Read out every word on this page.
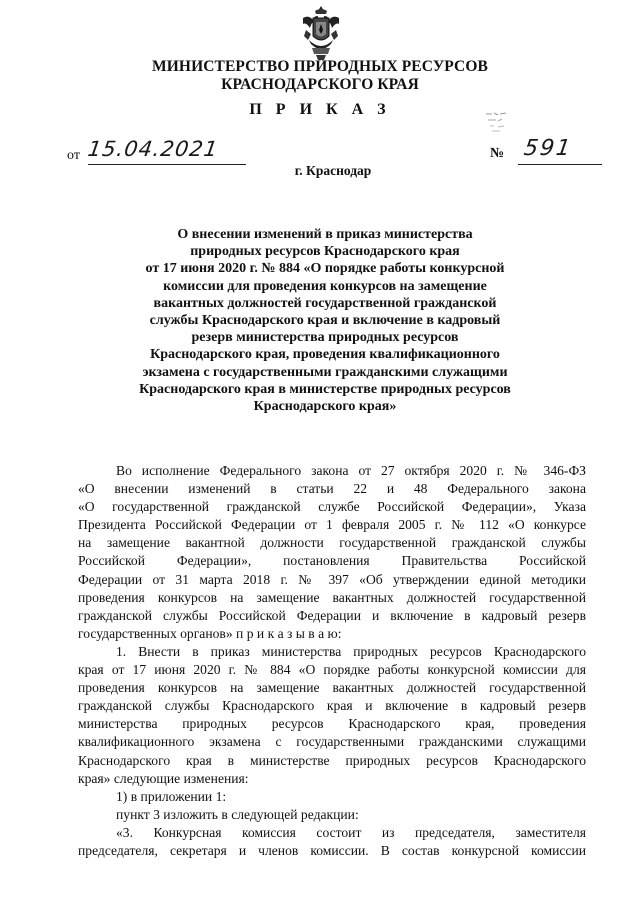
МИНИСТЕРСТВО ПРИРОДНЫХ РЕСУРСОВ
КРАСНОДАРСКОГО КРАЯ
П Р И К А З
от 15.04.2021	№ 591
г. Краснодар
О внесении изменений в приказ министерства
природных ресурсов Краснодарского края
от 17 июня 2020 г. № 884 «О порядке работы конкурсной
комиссии для проведения конкурсов на замещение
вакантных должностей государственной гражданской
службы Краснодарского края и включение в кадровый
резерв министерства природных ресурсов
Краснодарского края, проведения квалификационного
экзамена с государственными гражданскими служащими
Краснодарского края в министерстве природных ресурсов
Краснодарского края»
Во исполнение Федерального закона от 27 октября 2020 г. № 346-ФЗ
«О внесении изменений в статьи 22 и 48 Федерального закона
«О государственной гражданской службе Российской Федерации», Указа
Президента Российской Федерации от 1 февраля 2005 г. № 112 «О конкурсе
на замещение вакантной должности государственной гражданской службы
Российской Федерации», постановления Правительства Российской
Федерации от 31 марта 2018 г. № 397 «Об утверждении единой методики
проведения конкурсов на замещение вакантных должностей государственной
гражданской службы Российской Федерации и включение в кадровый резерв
государственных органов» п р и к а з ы в а ю:
1. Внести в приказ министерства природных ресурсов Краснодарского
края от 17 июня 2020 г. № 884 «О порядке работы конкурсной комиссии для
проведения конкурсов на замещение вакантных должностей государственной
гражданской службы Краснодарского края и включение в кадровый резерв
министерства природных ресурсов Краснодарского края, проведения
квалификационного экзамена с государственными гражданскими служащими
Краснодарского края в министерстве природных ресурсов Краснодарского
края» следующие изменения:
1) в приложении 1:
пункт 3 изложить в следующей редакции:
«3. Конкурсная комиссия состоит из председателя, заместителя
председателя, секретаря и членов комиссии. В состав конкурсной комиссии
